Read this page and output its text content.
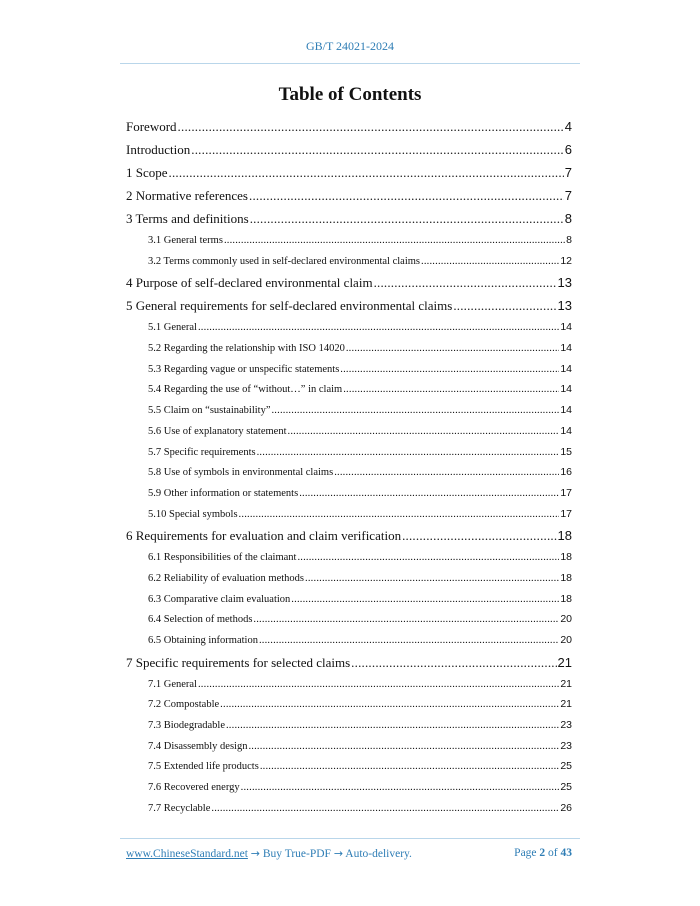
GB/T 24021-2024
Table of Contents
Foreword .....	4
Introduction .....	6
1 Scope .....	7
2 Normative references .....	7
3 Terms and definitions .....	8
3.1 General terms .....	8
3.2 Terms commonly used in self-declared environmental claims .....	12
4 Purpose of self-declared environmental claim .....	13
5 General requirements for self-declared environmental claims .....	13
5.1 General .....	14
5.2 Regarding the relationship with ISO 14020 .....	14
5.3 Regarding vague or unspecific statements .....	14
5.4 Regarding the use of “without…” in claim .....	14
5.5 Claim on “sustainability” .....	14
5.6 Use of explanatory statement .....	14
5.7 Specific requirements .....	15
5.8 Use of symbols in environmental claims .....	16
5.9 Other information or statements .....	17
5.10 Special symbols .....	17
6 Requirements for evaluation and claim verification .....	18
6.1 Responsibilities of the claimant .....	18
6.2 Reliability of evaluation methods .....	18
6.3 Comparative claim evaluation .....	18
6.4 Selection of methods .....	20
6.5 Obtaining information .....	20
7 Specific requirements for selected claims .....	21
7.1 General .....	21
7.2 Compostable .....	21
7.3 Biodegradable .....	23
7.4 Disassembly design .....	23
7.5 Extended life products .....	25
7.6 Recovered energy .....	25
7.7 Recyclable .....	26
www.ChineseStandard.net → Buy True-PDF → Auto-delivery.	Page 2 of 43
